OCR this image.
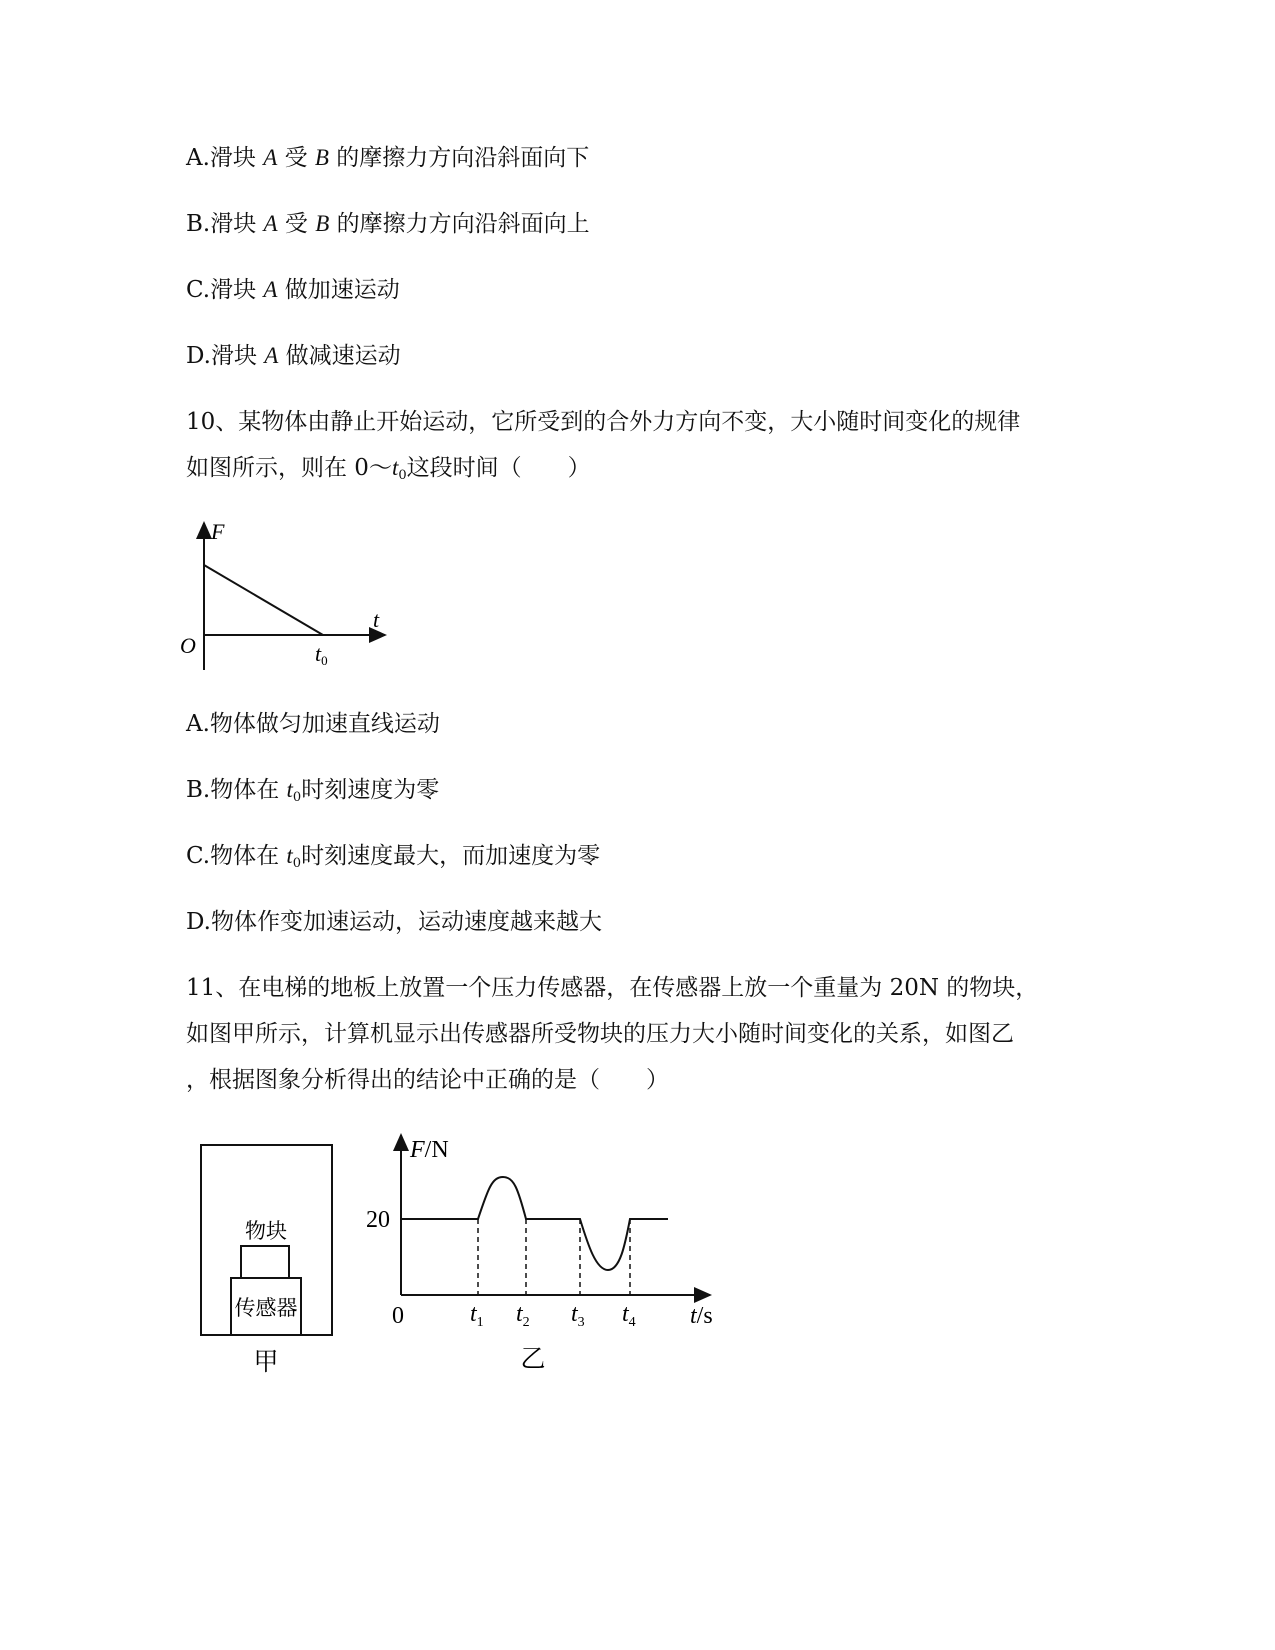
A.滑块 A 受 B 的摩擦力方向沿斜面向下
B.滑块 A 受 B 的摩擦力方向沿斜面向上
C.滑块 A 做加速运动
D.滑块 A 做减速运动
10、某物体由静止开始运动，它所受到的合外力方向不变，大小随时间变化的规律
如图所示，则在 $0\sim t_0$这段时间（　　）
F
t
O	t0
A.物体做匀加速直线运动
B.物体在 $t_0$时刻速度为零
C.物体在 $t_0$时刻速度最大，而加速度为零
D.物体作变加速运动，运动速度越来越大
11、在电梯的地板上放置一个压力传感器，在传感器上放一个重量为 20N 的物块，
如图甲所示，计算机显示出传感器所受物块的压力大小随时间变化的关系，如图乙
，根据图象分析得出的结论中正确的是（　　）
物块
传感器
甲
F/N
20
0	$t_1$ $t_2$ $t_3$ $t_4$ t/s
乙
